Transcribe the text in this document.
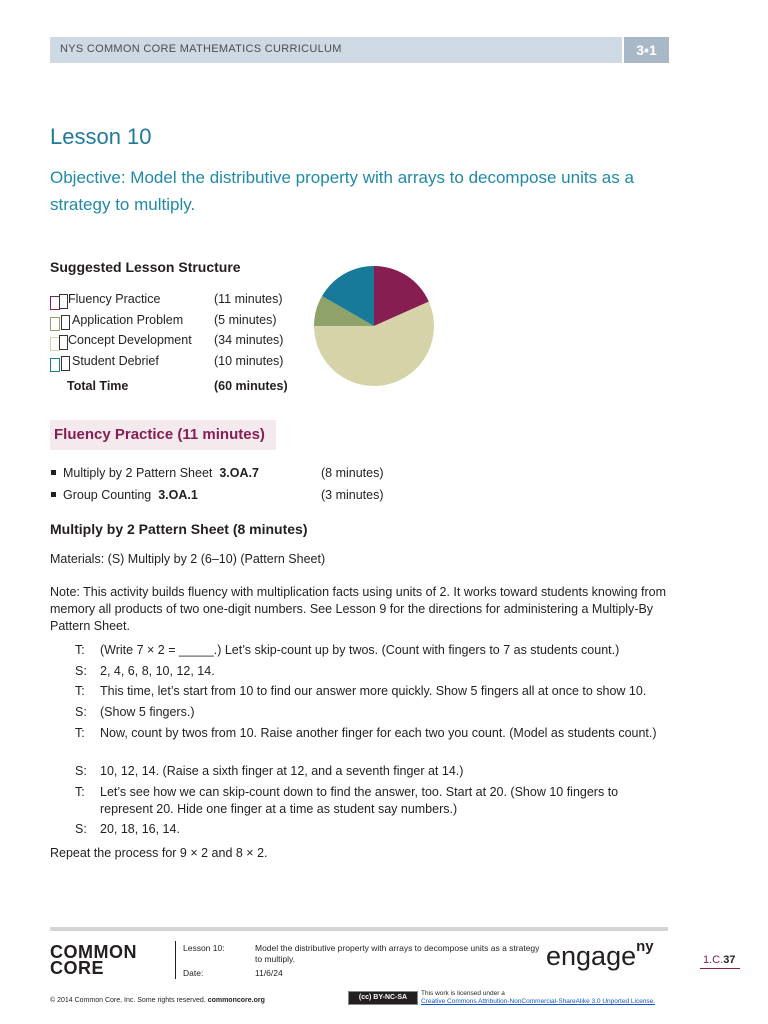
NYS COMMON CORE MATHEMATICS CURRICULUM	3•1
Lesson 10
Objective: Model the distributive property with arrays to decompose units as a strategy to multiply.
Suggested Lesson Structure
Fluency Practice	(11 minutes)
Application Problem (5 minutes)
Concept Development (34 minutes)
Student Debrief	(10 minutes)
Total Time	(60 minutes)
Fluency Practice (11 minutes)
Multiply by 2 Pattern Sheet 3.OA.7	(8 minutes)
Group Counting 3.OA.1	(3 minutes)
Multiply by 2 Pattern Sheet (8 minutes)
Materials: (S) Multiply by 2 (6–10) (Pattern Sheet)
Note: This activity builds fluency with multiplication facts using units of 2. It works toward students knowing from memory all products of two one-digit numbers. See Lesson 9 for the directions for administering a Multiply-By Pattern Sheet.
T: (Write 7 × 2 = _____.) Let’s skip-count up by twos. (Count with fingers to 7 as students count.)
S: 2, 4, 6, 8, 10, 12, 14.
T: This time, let’s start from 10 to find our answer more quickly. Show 5 fingers all at once to show 10.
S: (Show 5 fingers.)
T: Now, count by twos from 10. Raise another finger for each two you count. (Model as students count.)
S: 10, 12, 14. (Raise a sixth finger at 12, and a seventh finger at 14.)
T: Let’s see how we can skip-count down to find the answer, too. Start at 20. (Show 10 fingers to represent 20. Hide one finger at a time as student say numbers.)
S: 20, 18, 16, 14.
Repeat the process for 9 × 2 and 8 × 2.
COMMON
CORE
Lesson 10:	Model the distributive property with arrays to decompose units as a strategy to multiply.
Date:	11/6/24
engage$^{ny}$
1.C.37
© 2014 Common Core, Inc. Some rights reserved. commoncore.org	(cc) BY-NC-SA
This work is licensed under a
Creative Commons Attribution-NonCommercial-ShareAlike 3.0 Unported License.
